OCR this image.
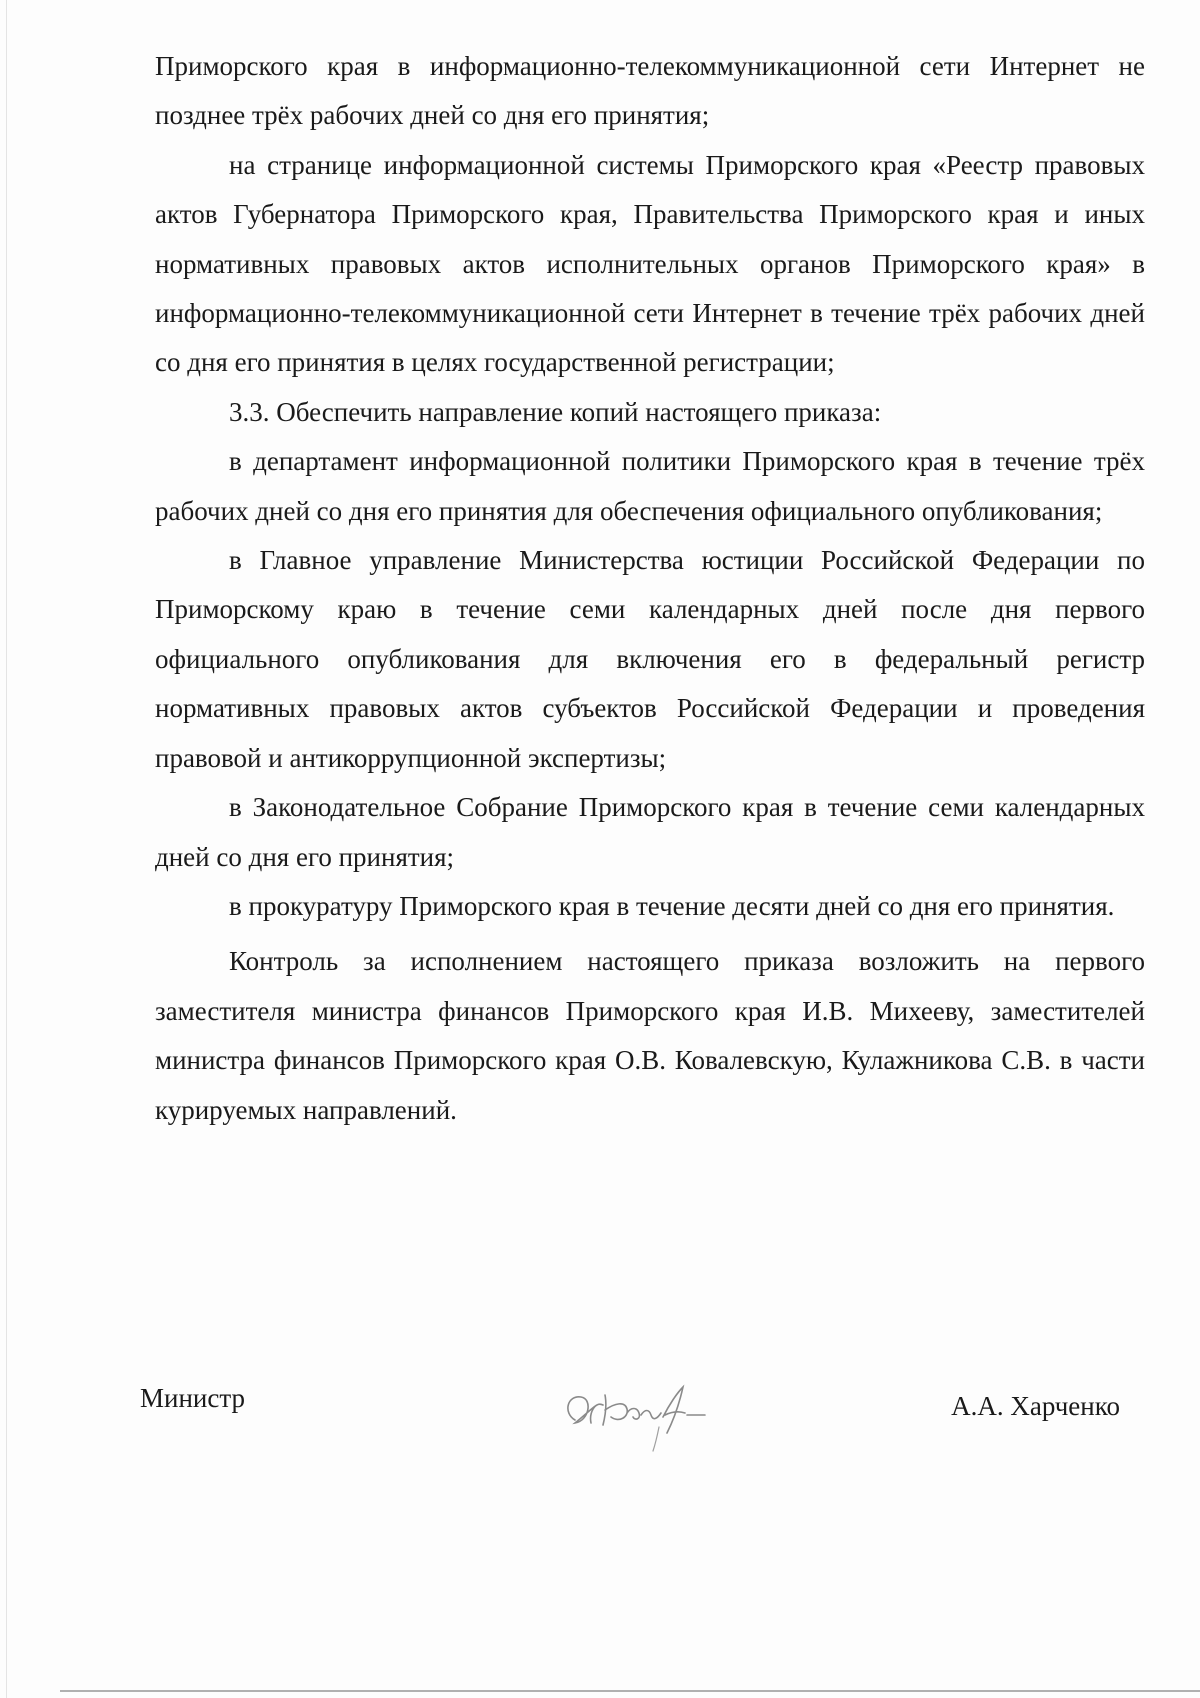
Приморского края в информационно-телекоммуникационной сети Интернет не позднее трёх рабочих дней со дня его принятия;

на странице информационной системы Приморского края «Реестр правовых актов Губернатора Приморского края, Правительства Приморского края и иных нормативных правовых актов исполнительных органов Приморского края» в информационно-телекоммуникационной сети Интернет в течение трёх рабочих дней со дня его принятия в целях государственной регистрации;

3.3. Обеспечить направление копий настоящего приказа:

в департамент информационной политики Приморского края в течение трёх рабочих дней со дня его принятия для обеспечения официального опубликования;

в Главное управление Министерства юстиции Российской Федерации по Приморскому краю в течение семи календарных дней после дня первого официального опубликования для включения его в федеральный регистр нормативных правовых актов субъектов Российской Федерации и проведения правовой и антикоррупционной экспертизы;

в Законодательное Собрание Приморского края в течение семи календарных дней со дня его принятия;

в прокуратуру Приморского края в течение десяти дней со дня его принятия.

Контроль за исполнением настоящего приказа возложить на первого заместителя министра финансов Приморского края И.В. Михееву, заместителей министра финансов Приморского края О.В. Ковалевскую, Кулажникова С.В. в части курируемых направлений.

Министр	А.А. Харченко
